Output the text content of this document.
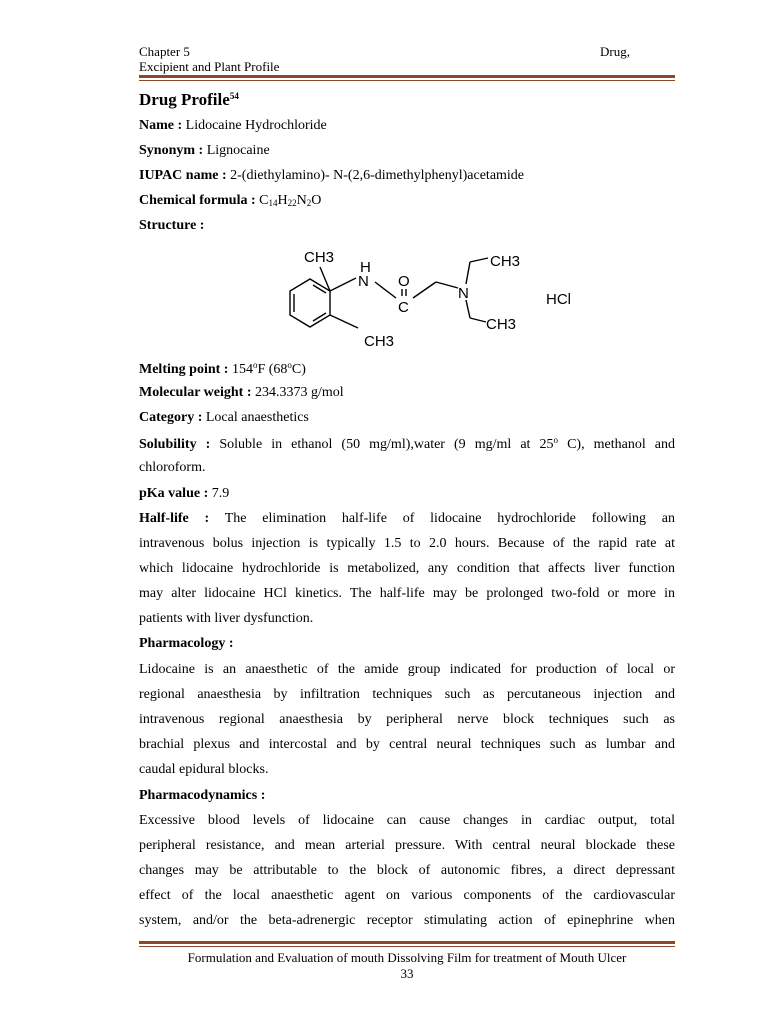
Chapter 5	Drug,
Excipient and Plant Profile
Drug Profile$^{54}$
Name : Lidocaine Hydrochloride
Synonym : Lignocaine
IUPAC name : 2-(diethylamino)- N-(2,6-dimethylphenyl)acetamide
Chemical formula : $C_{14}H_{22}N_2O$
Structure :
CH3
H
N O
C
N
CH3
CH3
CH3
HCl
Melting point : 154$^o$F (68$^o$C)
Molecular weight : 234.3373 g/mol
Category : Local anaesthetics
Solubility : Soluble in ethanol (50 mg/ml),water (9 mg/ml at 25$^o$ C), methanol and
chloroform.
pKa value : 7.9
Half-life : The elimination half-life of lidocaine hydrochloride following an
intravenous bolus injection is typically 1.5 to 2.0 hours. Because of the rapid rate at
which lidocaine hydrochloride is metabolized, any condition that affects liver function
may alter lidocaine HCl kinetics. The half-life may be prolonged two-fold or more in
patients with liver dysfunction.
Pharmacology :
Lidocaine is an anaesthetic of the amide group indicated for production of local or
regional anaesthesia by infiltration techniques such as percutaneous injection and
intravenous regional anaesthesia by peripheral nerve block techniques such as
brachial plexus and intercostal and by central neural techniques such as lumbar and
caudal epidural blocks.
Pharmacodynamics :
Excessive blood levels of lidocaine can cause changes in cardiac output, total
peripheral resistance, and mean arterial pressure. With central neural blockade these
changes may be attributable to the block of autonomic fibres, a direct depressant
effect of the local anaesthetic agent on various components of the cardiovascular
system, and/or the beta-adrenergic receptor stimulating action of epinephrine when
Formulation and Evaluation of mouth Dissolving Film for treatment of Mouth Ulcer
33
